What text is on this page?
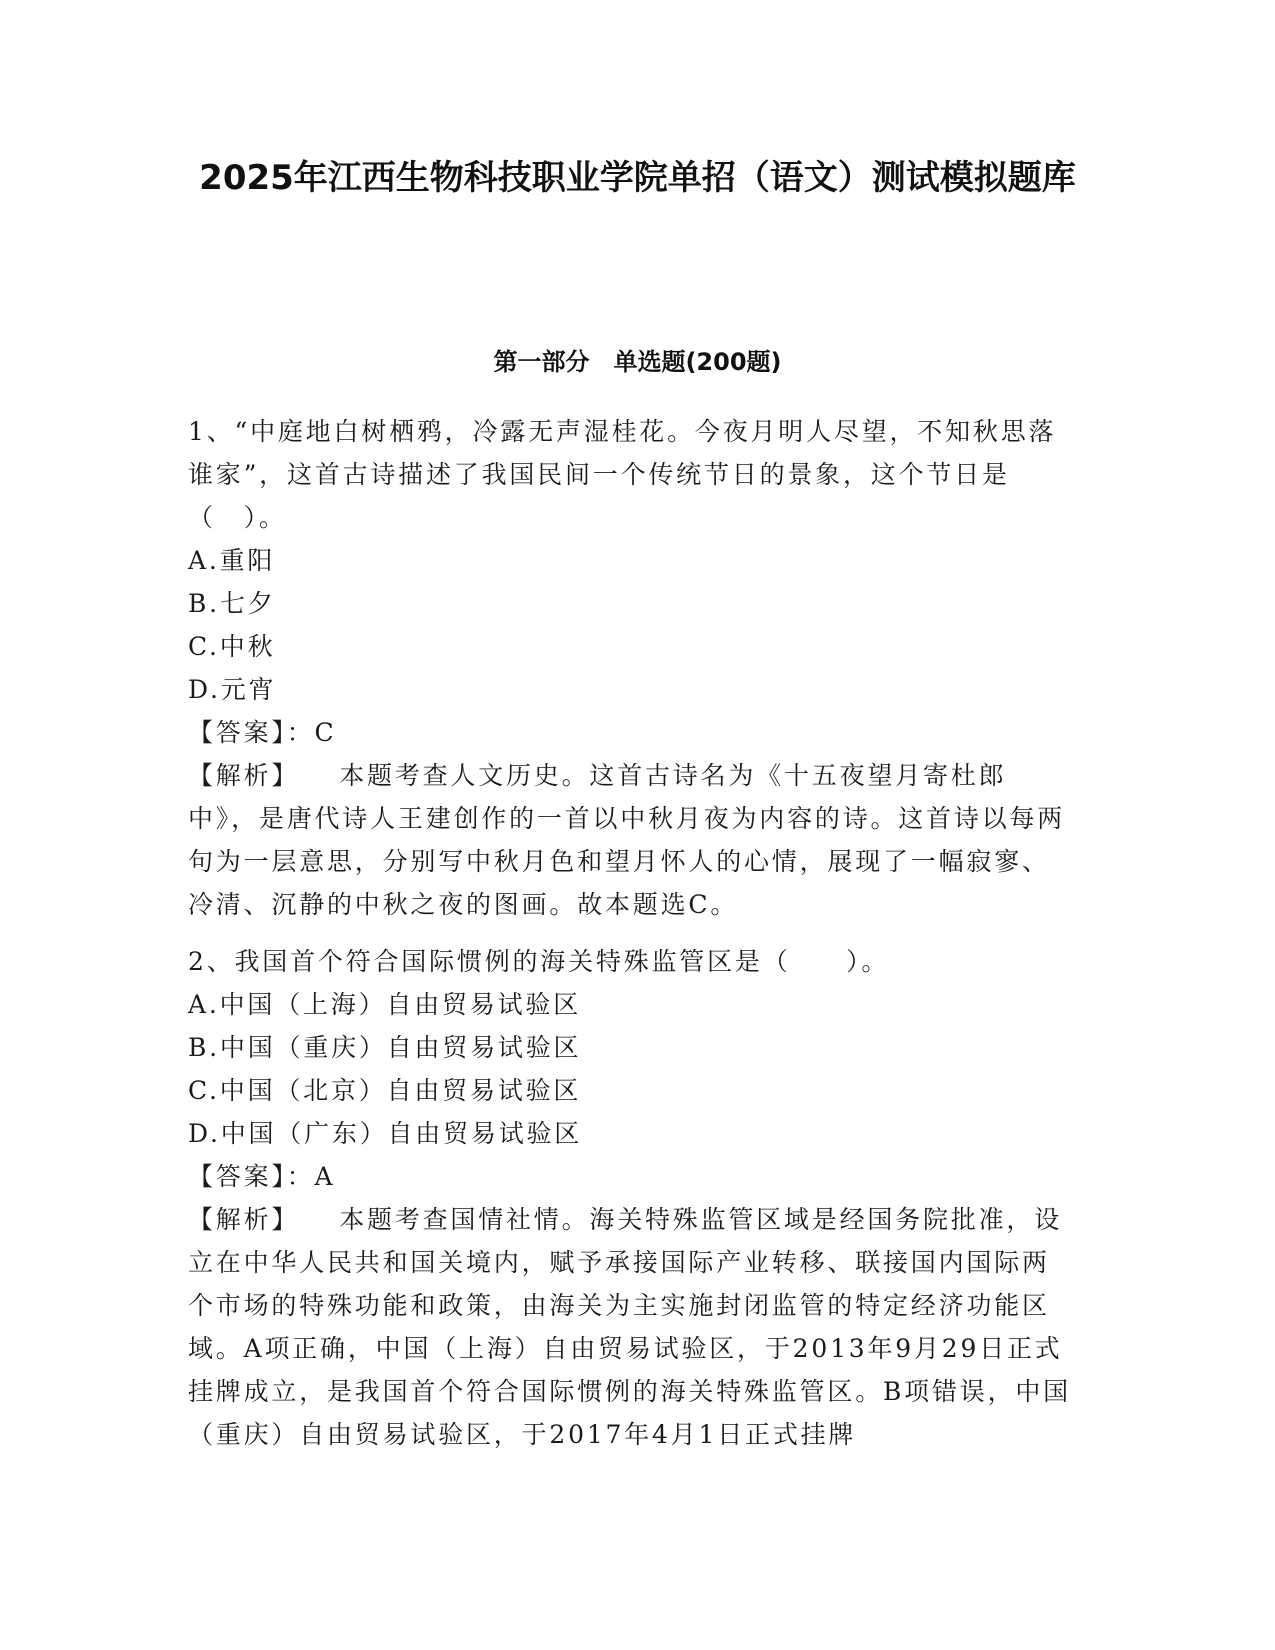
2025年江西生物科技职业学院单招（语文）测试模拟题库
第一部分　单选题(200题)

1、“中庭地白树栖鸦，冷露无声湿桂花。今夜月明人尽望，不知秋思落谁家”，这首古诗描述了我国民间一个传统节日的景象，这个节日是（　）。

A.重阳

B.七夕

C.中秋

D.元宵

【答案】：C

【解析】 本题考查人文历史。这首古诗名为《十五夜望月寄杜郎中》，是唐代诗人王建创作的一首以中秋月夜为内容的诗。这首诗以每两句为一层意思，分别写中秋月色和望月怀人的心情，展现了一幅寂寥、冷清、沉静的中秋之夜的图画。故本题选C。

2、我国首个符合国际惯例的海关特殊监管区是（　　）。

A.中国（上海）自由贸易试验区

B.中国（重庆）自由贸易试验区

C.中国（北京）自由贸易试验区

D.中国（广东）自由贸易试验区

【答案】：A

【解析】 本题考查国情社情。海关特殊监管区域是经国务院批准，设立在中华人民共和国关境内，赋予承接国际产业转移、联接国内国际两个市场的特殊功能和政策，由海关为主实施封闭监管的特定经济功能区域。A项正确，中国（上海）自由贸易试验区，于2013年9月29日正式挂牌成立，是我国首个符合国际惯例的海关特殊监管区。B项错误，中国（重庆）自由贸易试验区，于2017年4月1日正式挂牌
